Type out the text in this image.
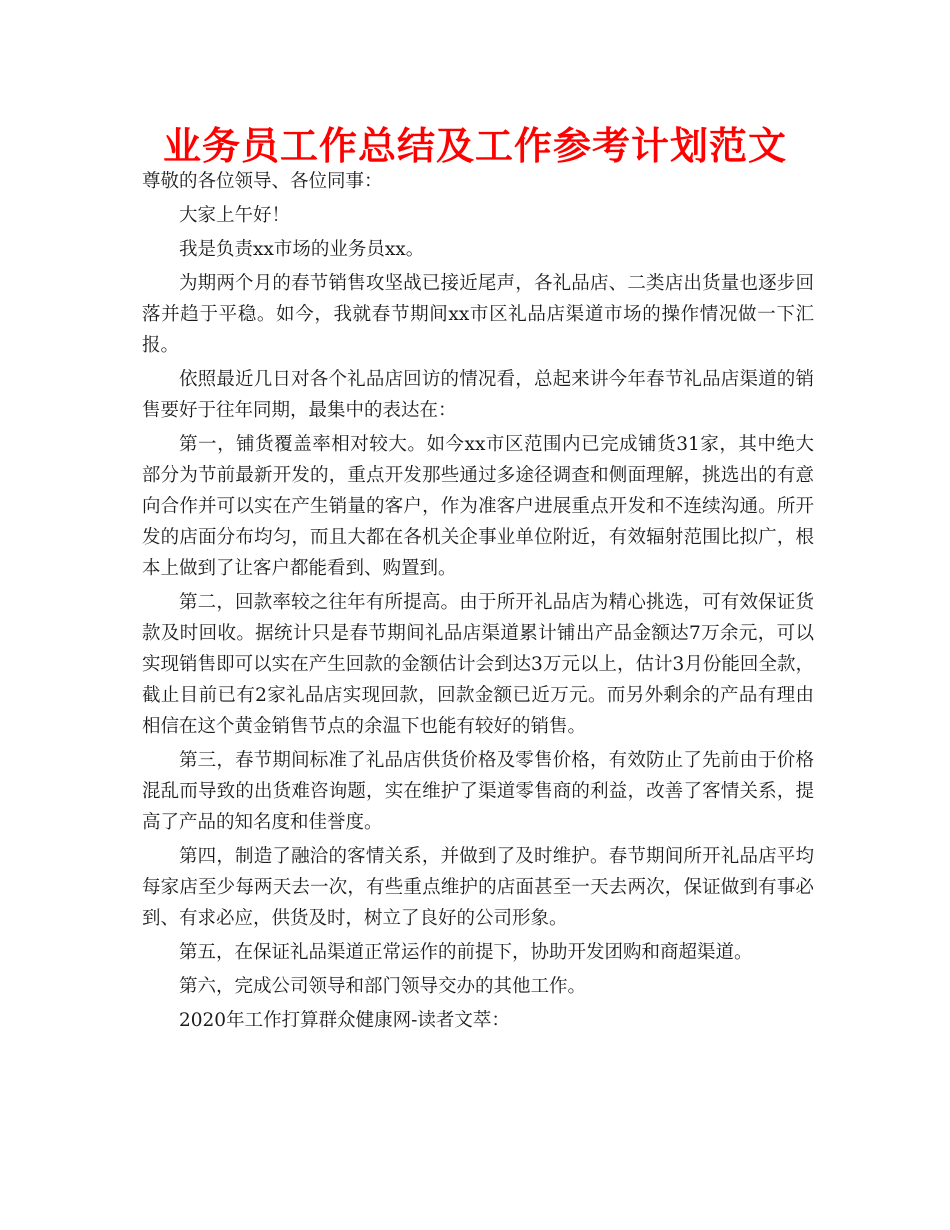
业务员工作总结及工作参考计划范文

尊敬的各位领导、各位同事：

大家上午好！

我是负责xx市场的业务员xx。

为期两个月的春节销售攻坚战已接近尾声，各礼品店、二类店出货量也逐步回落并趋于平稳。如今，我就春节期间xx市区礼品店渠道市场的操作情况做一下汇报。

依照最近几日对各个礼品店回访的情况看，总起来讲今年春节礼品店渠道的销售要好于往年同期，最集中的表达在：

第一，铺货覆盖率相对较大。如今xx市区范围内已完成铺货31家，其中绝大部分为节前最新开发的，重点开发那些通过多途径调查和侧面理解，挑选出的有意向合作并可以实在产生销量的客户，作为准客户进展重点开发和不连续沟通。所开发的店面分布均匀，而且大都在各机关企事业单位附近，有效辐射范围比拟广，根本上做到了让客户都能看到、购置到。

第二，回款率较之往年有所提高。由于所开礼品店为精心挑选，可有效保证货款及时回收。据统计只是春节期间礼品店渠道累计铺出产品金额达7万余元，可以实现销售即可以实在产生回款的金额估计会到达3万元以上，估计3月份能回全款，截止目前已有2家礼品店实现回款，回款金额已近万元。而另外剩余的产品有理由相信在这个黄金销售节点的余温下也能有较好的销售。

第三，春节期间标准了礼品店供货价格及零售价格，有效防止了先前由于价格混乱而导致的出货难咨询题，实在维护了渠道零售商的利益，改善了客情关系，提高了产品的知名度和佳誉度。

第四，制造了融洽的客情关系，并做到了及时维护。春节期间所开礼品店平均每家店至少每两天去一次，有些重点维护的店面甚至一天去两次，保证做到有事必到、有求必应，供货及时，树立了良好的公司形象。

第五，在保证礼品渠道正常运作的前提下，协助开发团购和商超渠道。

第六，完成公司领导和部门领导交办的其他工作。

2020年工作打算群众健康网-读者文萃：
